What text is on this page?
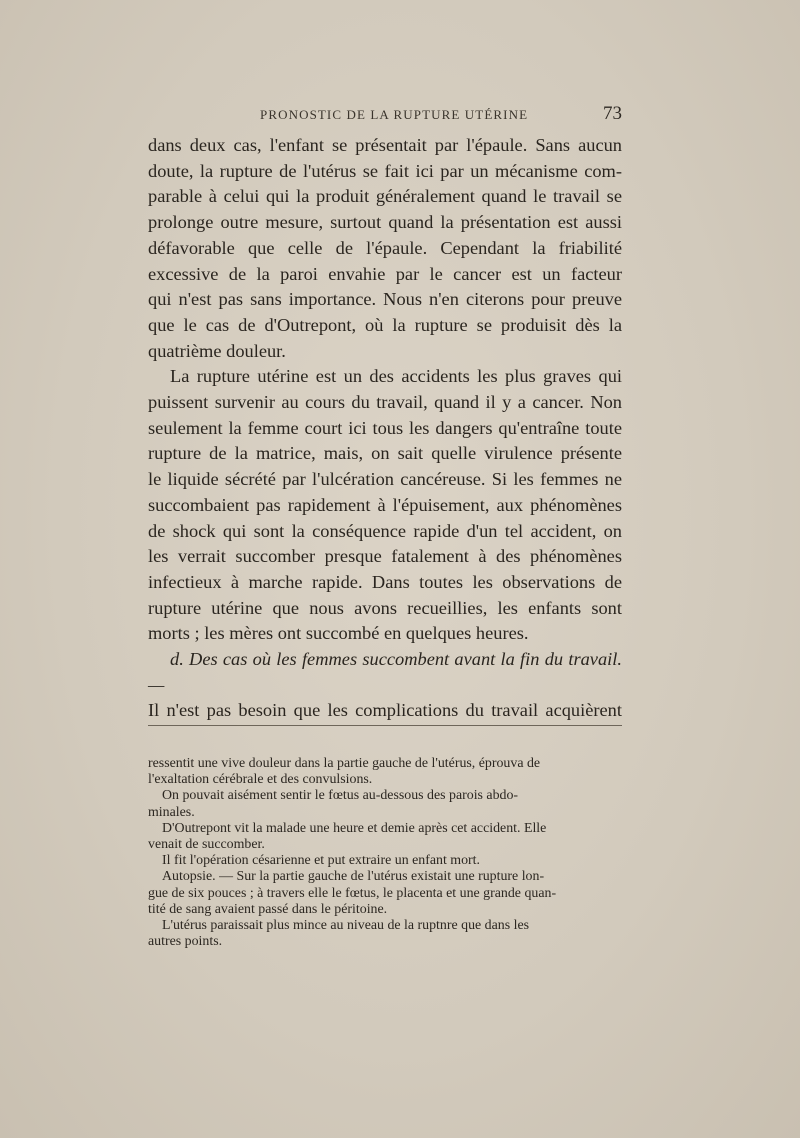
PRONOSTIC DE LA RUPTURE UTÉRINE	73

dans deux cas, l'enfant se présentait par l'épaule. Sans aucun

doute, la rupture de l'utérus se fait ici par un mécanisme com-

parable à celui qui la produit généralement quand le travail se

prolonge outre mesure, surtout quand la présentation est aussi

défavorable que celle de l'épaule. Cependant la friabilité

excessive de la paroi envahie par le cancer est un facteur

qui n'est pas sans importance. Nous n'en citerons pour preuve

que le cas de d'Outrepont, où la rupture se produisit dès la

quatrième douleur.

La rupture utérine est un des accidents les plus graves qui

puissent survenir au cours du travail, quand il y a cancer. Non

seulement la femme court ici tous les dangers qu'entraîne toute

rupture de la matrice, mais, on sait quelle virulence présente

le liquide sécrété par l'ulcération cancéreuse. Si les femmes ne

succombaient pas rapidement à l'épuisement, aux phénomènes

de shock qui sont la conséquence rapide d'un tel accident, on

les verrait succomber presque fatalement à des phénomènes

infectieux à marche rapide. Dans toutes les observations de

rupture utérine que nous avons recueillies, les enfants sont

morts ; les mères ont succombé en quelques heures.

d. Des cas où les femmes succombent avant la fin du travail. —

Il n'est pas besoin que les complications du travail acquièrent

ressentit une vive douleur dans la partie gauche de l'utérus, éprouva de

l'exaltation cérébrale et des convulsions.

On pouvait aisément sentir le fœtus au-dessous des parois abdo-

minales.

D'Outrepont vit la malade une heure et demie après cet accident. Elle

venait de succomber.

Il fit l'opération césarienne et put extraire un enfant mort.

Autopsie. — Sur la partie gauche de l'utérus existait une rupture lon-

gue de six pouces ; à travers elle le fœtus, le placenta et une grande quan-

tité de sang avaient passé dans le péritoine.

L'utérus paraissait plus mince au niveau de la ruptnre que dans les

autres points.
